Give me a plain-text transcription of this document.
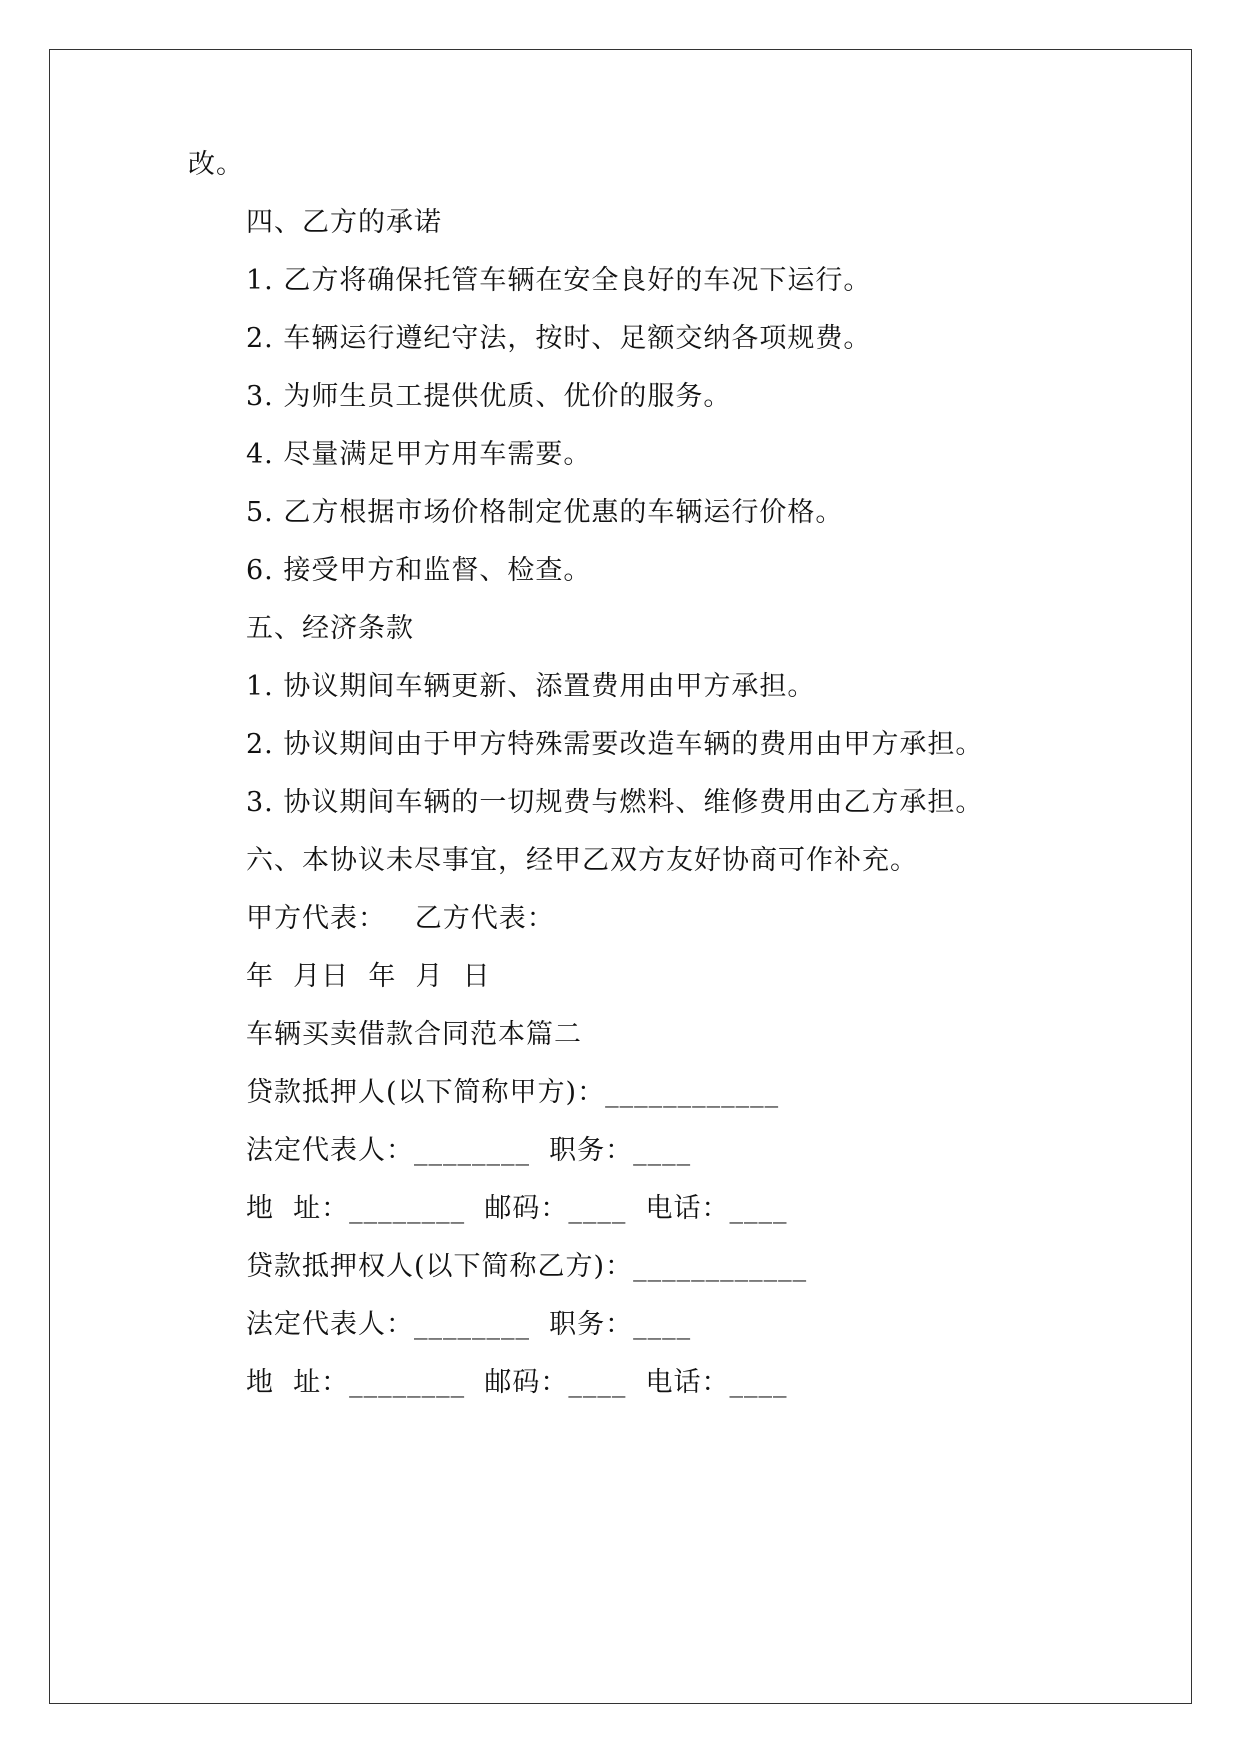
改。
四、乙方的承诺
1. 乙方将确保托管车辆在安全良好的车况下运行。
2. 车辆运行遵纪守法，按时、足额交纳各项规费。
3. 为师生员工提供优质、优价的服务。
4. 尽量满足甲方用车需要。
5. 乙方根据市场价格制定优惠的车辆运行价格。
6. 接受甲方和监督、检查。
五、经济条款
1. 协议期间车辆更新、添置费用由甲方承担。
2. 协议期间由于甲方特殊需要改造车辆的费用由甲方承担。
3. 协议期间车辆的一切规费与燃料、维修费用由乙方承担。
六、本协议未尽事宜，经甲乙双方友好协商可作补充。
甲方代表：   乙方代表：
年  月日  年  月  日
车辆买卖借款合同范本篇二
贷款抵押人(以下简称甲方)：____________
法定代表人：________  职务：____
地  址：________  邮码：____  电话：____
贷款抵押权人(以下简称乙方)：____________
法定代表人：________  职务：____
地  址：________  邮码：____  电话：____
